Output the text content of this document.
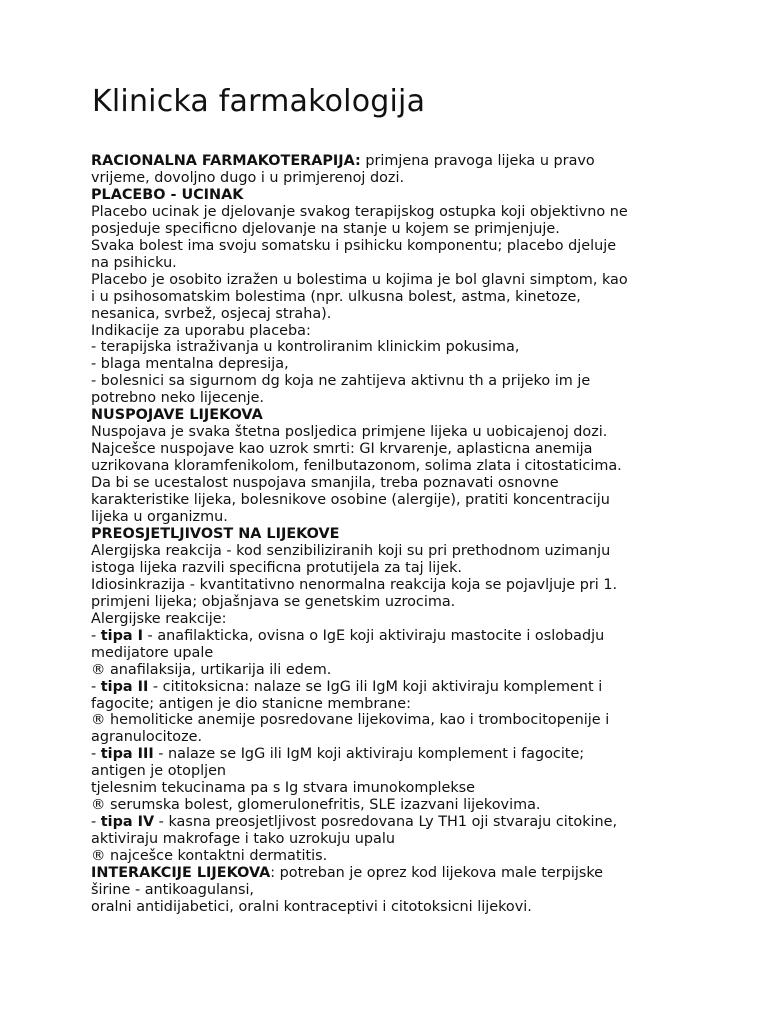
Klinicka farmakologija
RACIONALNA FARMAKOTERAPIJA: primjena pravoga lijeka u pravo
vrijeme, dovoljno dugo i u primjerenoj dozi.
PLACEBO - UCINAK
Placebo ucinak je djelovanje svakog terapijskog ostupka koji objektivno ne
posjeduje specificno djelovanje na stanje u kojem se primjenjuje.
Svaka bolest ima svoju somatsku i psihicku komponentu; placebo djeluje
na psihicku.
Placebo je osobito izražen u bolestima u kojima je bol glavni simptom, kao
i u psihosomatskim bolestima (npr. ulkusna bolest, astma, kinetoze,
nesanica, svrbež, osjecaj straha).
Indikacije za uporabu placeba:
- terapijska istraživanja u kontroliranim klinickim pokusima,
- blaga mentalna depresija,
- bolesnici sa sigurnom dg koja ne zahtijeva aktivnu th a prijeko im je
potrebno neko lijecenje.
NUSPOJAVE LIJEKOVA
Nuspojava je svaka štetna posljedica primjene lijeka u uobicajenoj dozi.
Najcešce nuspojave kao uzrok smrti: GI krvarenje, aplasticna anemija
uzrikovana kloramfenikolom, fenilbutazonom, solima zlata i citostaticima.
Da bi se ucestalost nuspojava smanjila, treba poznavati osnovne
karakteristike lijeka, bolesnikove osobine (alergije), pratiti koncentraciju
lijeka u organizmu.
PREOSJETLJIVOST NA LIJEKOVE
Alergijska reakcija - kod senzibiliziranih koji su pri prethodnom uzimanju
istoga lijeka razvili specificna protutijela za taj lijek.
Idiosinkrazija - kvantitativno nenormalna reakcija koja se pojavljuje pri 1.
primjeni lijeka; objašnjava se genetskim uzrocima.
Alergijske reakcije:
- tipa I - anafilakticka, ovisna o IgE koji aktiviraju mastocite i oslobadju
medijatore upale
® anafilaksija, urtikarija ili edem.
- tipa II - cititoksicna: nalaze se IgG ili IgM koji aktiviraju komplement i
fagocite; antigen je dio stanicne membrane:
® hemoliticke anemije posredovane lijekovima, kao i trombocitopenije i
agranulocitoze.
- tipa III - nalaze se IgG ili IgM koji aktiviraju komplement i fagocite;
antigen je otopljen
tjelesnim tekucinama pa s Ig stvara imunokomplekse
® serumska bolest, glomerulonefritis, SLE izazvani lijekovima.
- tipa IV - kasna preosjetljivost posredovana Ly TH1 oji stvaraju citokine,
aktiviraju makrofage i tako uzrokuju upalu
® najcešce kontaktni dermatitis.
INTERAKCIJE LIJEKOVA: potreban je oprez kod lijekova male terpijske
širine - antikoagulansi,
oralni antidijabetici, oralni kontraceptivi i citotoksicni lijekovi.
